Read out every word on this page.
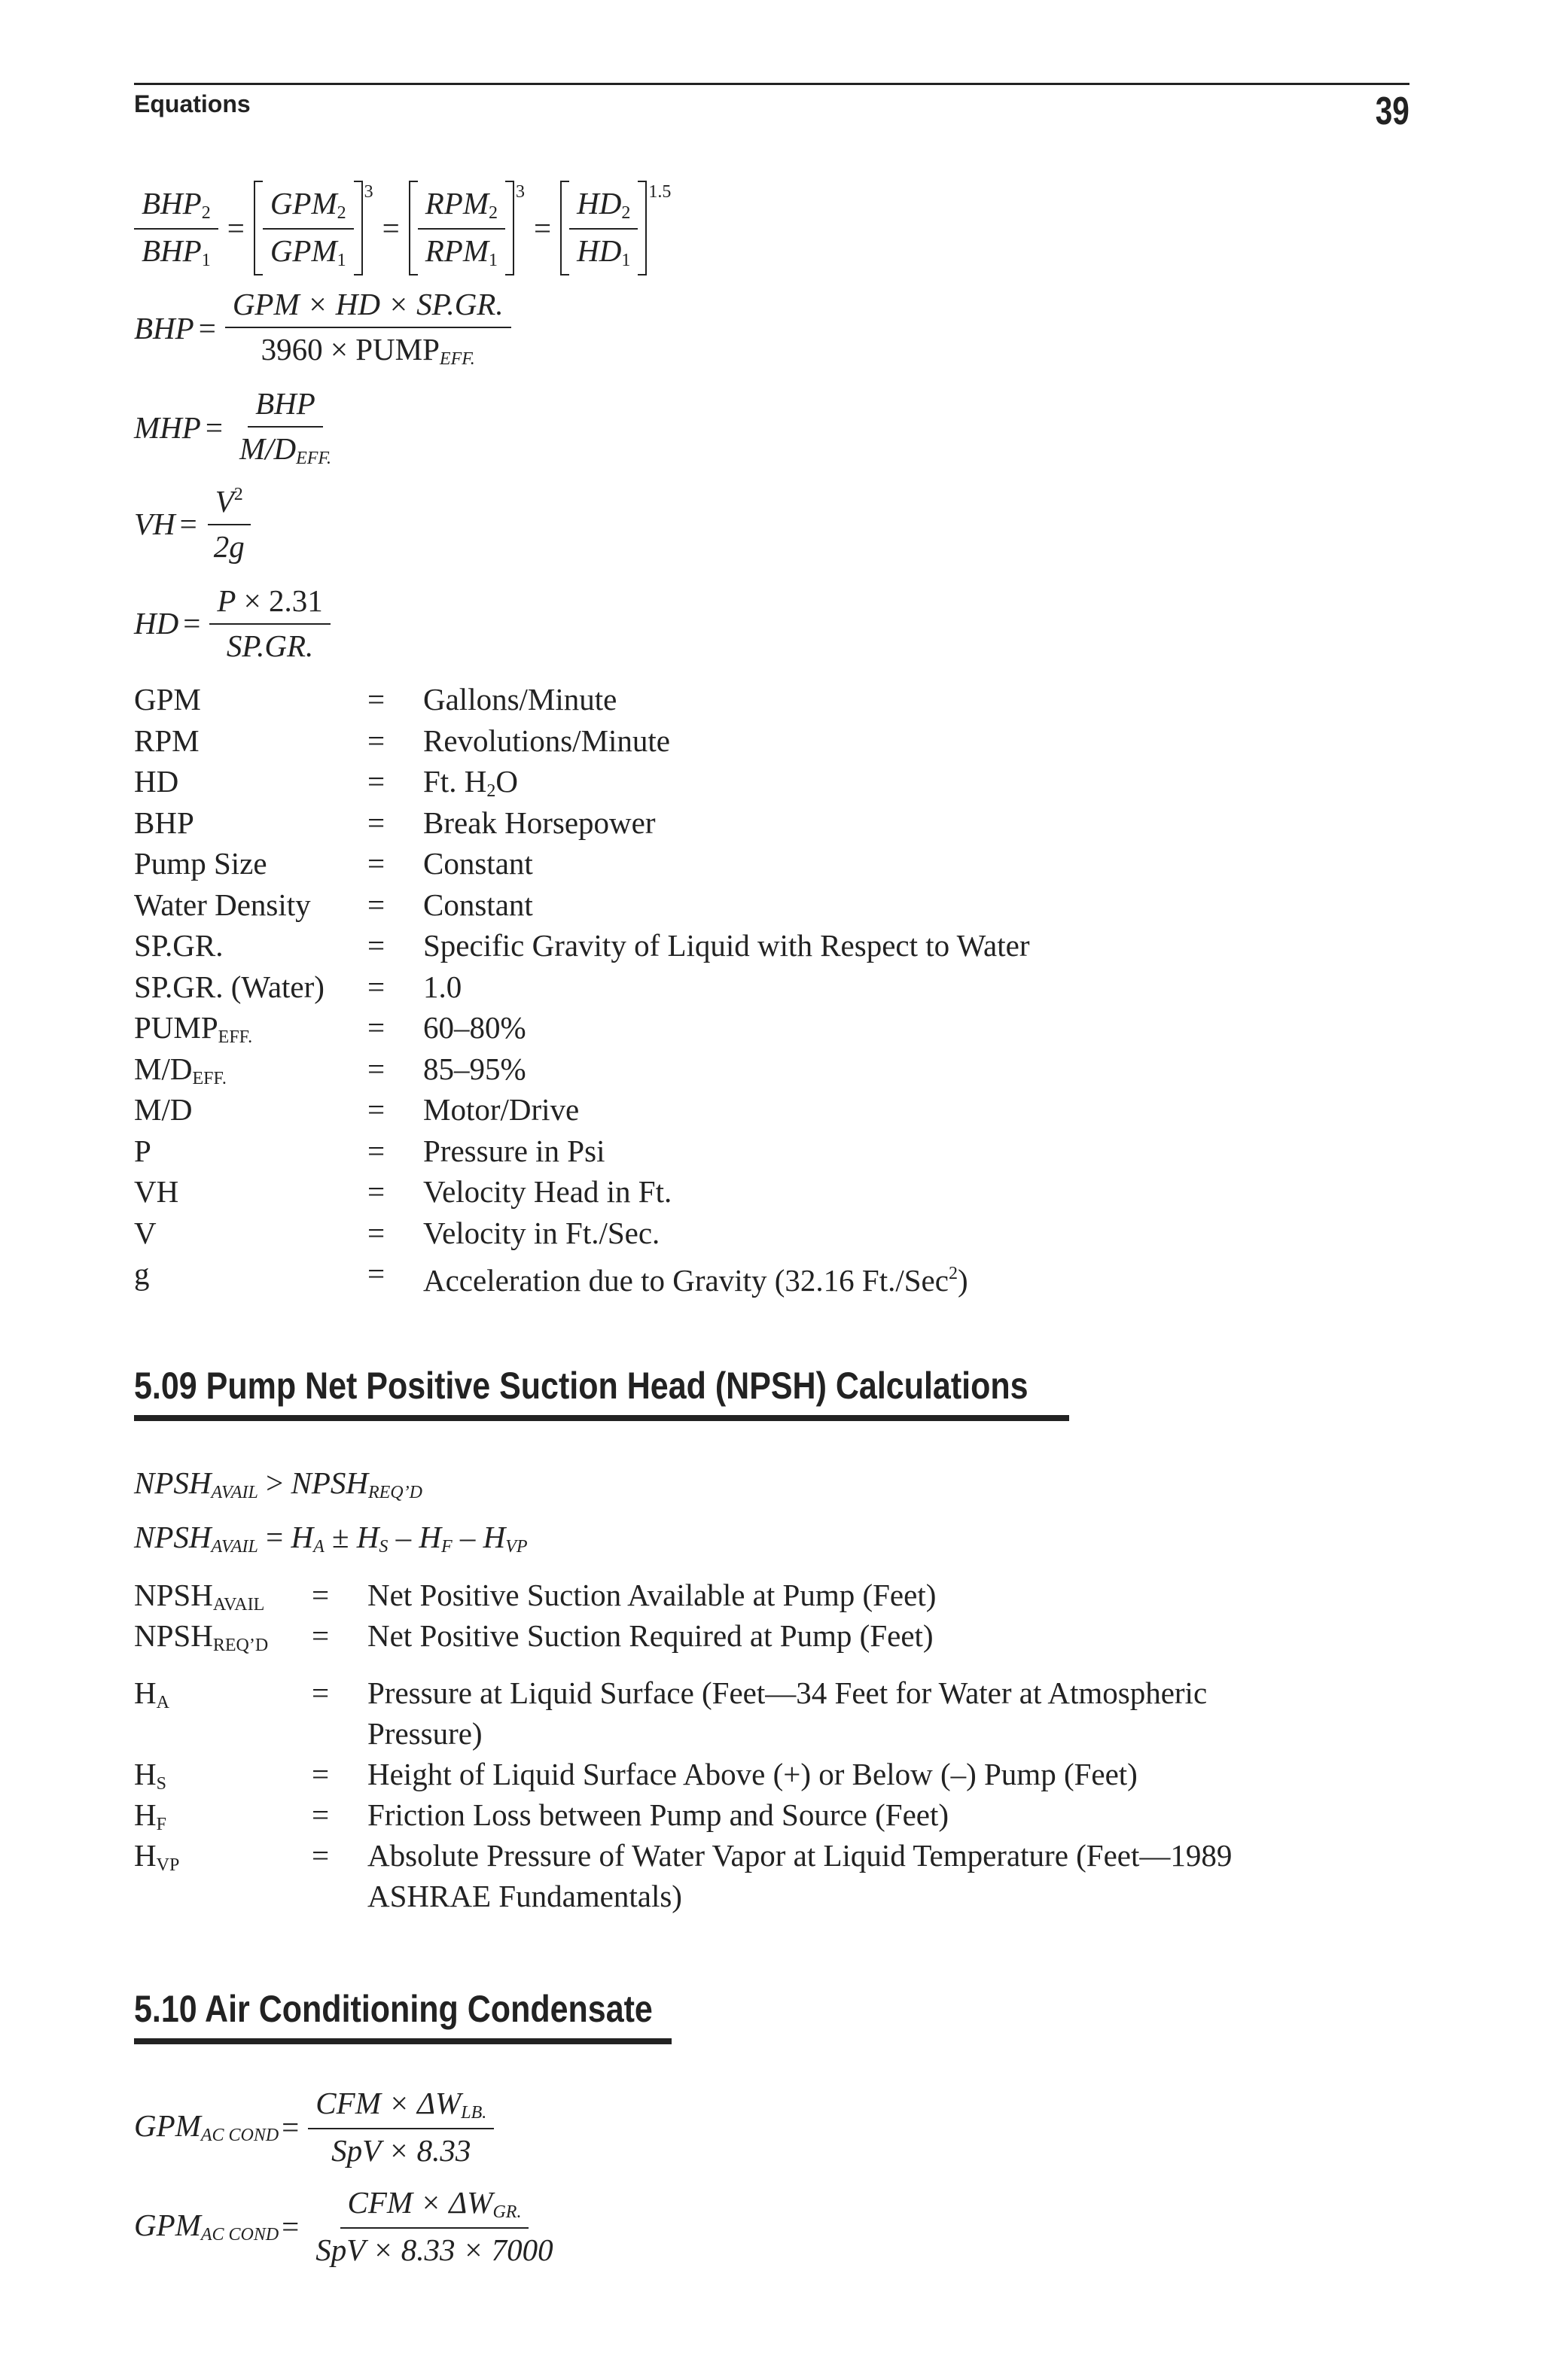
Equations	39
$\frac{BHP_2}{BHP_1} = \frac{GPM_2}{GPM_1} 3$
= $\frac{RPM_2}{RPM_1} 3$
= $\frac{HD_2}{HD_1} 1.5$
BHP = $\frac{\text{GPM × HD × SP.GR.}}{3960 \times PUMP_{EFF.}}$
MHP = $\frac{\text{BHP}}{M/D_{EFF.}}$
VH = $\frac{V^2}{2g}$
HD = $\frac{P \times 2.31}{SP.GR.}$
GPM	= Gallons/Minute
RPM	= Revolutions/Minute
HD	= Ft. $H_2O$
BHP	= Break Horsepower
Pump Size	= Constant
Water Density = Constant
SP.GR.	= Specific Gravity of Liquid with Respect to Water
SP.GR. (Water) = 1.0
$PUMP_{EFF.}$	= 60–80%
$M/D_{EFF.}$	= 85–95%
M/D	= Motor/Drive
P	= Pressure in Psi
VH	= Velocity Head in Ft.
V	= Velocity in Ft./Sec.
g	= Acceleration due to Gravity (32.16 Ft./Sec$^2$)
5.09 Pump Net Positive Suction Head (NPSH) Calculations
$NPSH_{AVAIL}$ > $NPSH_{REQ’D}$
$NPSH_{AVAIL} = H_A \pm H_S - H_F - H_{VP}$
$NPSH_{AVAIL}$ = Net Positive Suction Available at Pump (Feet)
$NPSH_{REQ’D}$ = Net Positive Suction Required at Pump (Feet)
$H_A$	= Pressure at Liquid Surface (Feet—34 Feet for Water at Atmospheric
Pressure)
$H_S$	= Height of Liquid Surface Above (+) or Below (–) Pump (Feet)
$H_F$	= Friction Loss between Pump and Source (Feet)
$H_{VP}$	= Absolute Pressure of Water Vapor at Liquid Temperature (Feet—1989
ASHRAE Fundamentals)
5.10 Air Conditioning Condensate
$GPM_{AC COND} = \frac{CFM \times \Delta W_{LB.}}{\text{SpV × 8.33}}$
$GPM_{AC COND} = \frac{CFM \times \Delta W_{GR.}}{\text{SpV × 8.33 × 7000}}$
